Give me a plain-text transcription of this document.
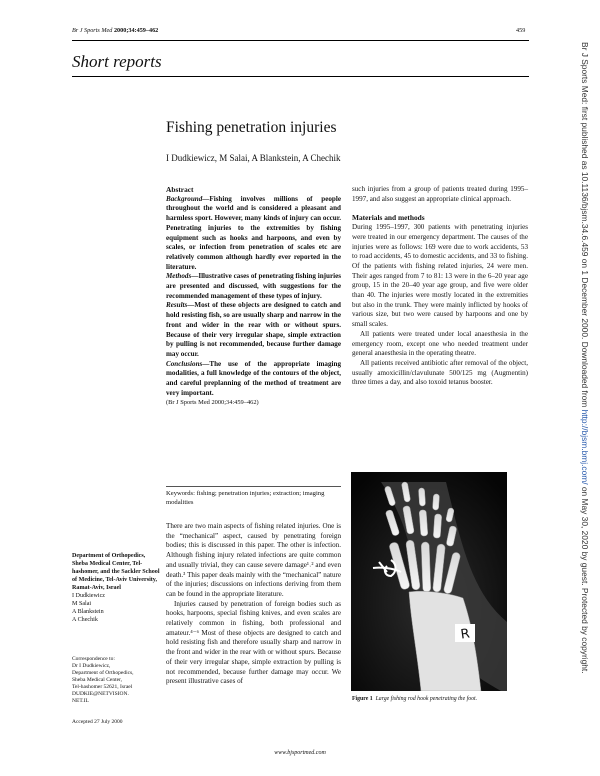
Br J Sports Med 2000;34:459–462	459
Short reports
Fishing penetration injuries
I Dudkiewicz, M Salai, A Blankstein, A Chechik
Abstract

Background—Fishing involves millions of people throughout the world and is considered a pleasant and harmless sport. However, many kinds of injury can occur. Penetrating injuries to the extremities by fishing equipment such as hooks and harpoons, and even by scales, or infection from penetration of scales etc are relatively common although hardly ever reported in the literature.

Methods—Illustrative cases of penetrating fishing injuries are presented and discussed, with suggestions for the recommended management of these types of injury.

Results—Most of these objects are designed to catch and hold resisting fish, so are usually sharp and narrow in the front and wider in the rear with or without spurs. Because of their very irregular shape, simple extraction by pulling is not recommended, because further damage may occur.

Conclusions—The use of the appropriate imaging modalities, a full knowledge of the contours of the object, and careful preplanning of the method of treatment are very important.

(Br J Sports Med 2000;34:459–462)

Keywords: fishing; penetration injuries; extraction; imaging modalities

There are two main aspects of fishing related injuries. One is the “mechanical” aspect, caused by penetrating foreign bodies; this is discussed in this paper. The other is infection. Although fishing injury related infections are quite common and usually trivial, they can cause severe damage¹˒² and even death.³ This paper deals mainly with the “mechanical” nature of the injuries; discussions on infections deriving from them can be found in the appropriate literature.

Injuries caused by penetration of foreign bodies such as hooks, harpoons, special fishing knives, and even scales are relatively common in fishing, both professional and amateur.⁴⁻⁶ Most of these objects are designed to catch and hold resisting fish and therefore usually sharp and narrow in the front and wider in the rear with or without spurs. Because of their very irregular shape, simple extraction by pulling is not recommended, because further damage may occur. We present illustrative cases of

Department of Orthopedics, Sheba Medical Center, Tel-hashomer, and the Sackler School of Medicine, Tel-Aviv University, Ramat-Aviv, Israel
I Dudkiewicz
M Salai
A Blankstein
A Chechik
Correspondence to:
Dr I Dudkiewicz,
Department of Orthopedics,
Sheba Medical Center,
Tel-hashomer 52621, Israel
DUDKIE@NETVISION.
NET.IL
Accepted 27 July 2000

such injuries from a group of patients treated during 1995–1997, and also suggest an appropriate clinical approach.

Materials and methods

During 1995–1997, 300 patients with penetrating injuries were treated in our emergency department. The causes of the injuries were as follows: 169 were due to work accidents, 53 to road accidents, 45 to domestic accidents, and 33 to fishing. Of the patients with fishing related injuries, 24 were men. Their ages ranged from 7 to 81: 13 were in the 6–20 year age group, 15 in the 20–40 year age group, and five were older than 40. The injuries were mostly located in the extremities but also in the trunk. They were mainly inflicted by hooks of various size, but two were caused by harpoons and one by small scales.

All patients were treated under local anaesthesia in the emergency room, except one who needed treatment under general anaesthesia in the operating theatre.

All patients received antibiotic after removal of the object, usually amoxicillin/clavulunate 500/125 mg (Augmentin) three times a day, and also toxoid tetanus booster.

R
Figure 1 Large fishing rod hook penetrating the foot.
Br J Sports Med: first published as 10.1136/bjsm.34.6.459 on 1 December 2000. Downloaded from http://bjsm.bmj.com/ on May 30, 2020 by guest. Protected by copyright.
www.bjsportmed.com
